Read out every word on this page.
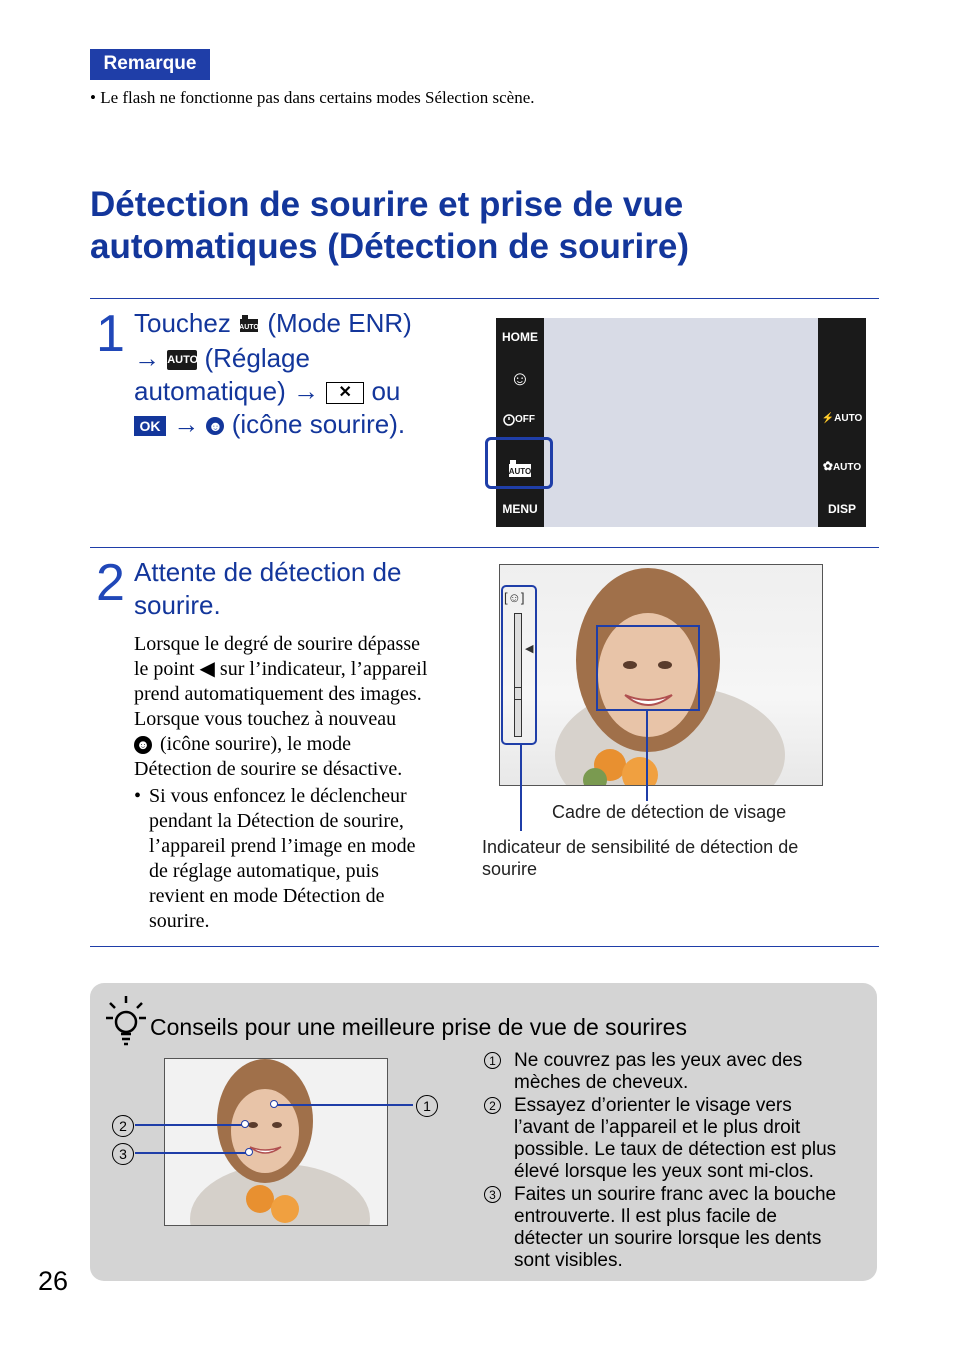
Remarque
• Le flash ne fonctionne pas dans certains modes Sélection scène.
Détection de sourire et prise de vue
automatiques (Détection de sourire)
1 Touchez AUTO (Mode ENR)
→ AUTO (Réglage
automatique) → ✕ ou
OK → ☻ (icône sourire).
HOME
☺
OFF
AUTO
MENU
⚡AUTO
✿AUTO
DISP
2 Attente de détection de
sourire.
Lorsque le degré de sourire dépasse
le point ◀ sur l’indicateur, l’appareil
prend automatiquement des images.
Lorsque vous touchez à nouveau
☻ (icône sourire), le mode
Détection de sourire se désactive.
• Si vous enfoncez le déclencheur
pendant la Détection de sourire,
l’appareil prend l’image en mode
de réglage automatique, puis
revient en mode Détection de
sourire.
[☺]
◀
Cadre de détection de visage
Indicateur de sensibilité de détection de
sourire
Conseils pour une meilleure prise de vue de sourires
1
2
3
1 Ne couvrez pas les yeux avec des
mèches de cheveux.
2 Essayez d’orienter le visage vers
l’avant de l’appareil et le plus droit
possible. Le taux de détection est plus
élevé lorsque les yeux sont mi-clos.
3 Faites un sourire franc avec la bouche
entrouverte. Il est plus facile de
détecter un sourire lorsque les dents
sont visibles.
26
